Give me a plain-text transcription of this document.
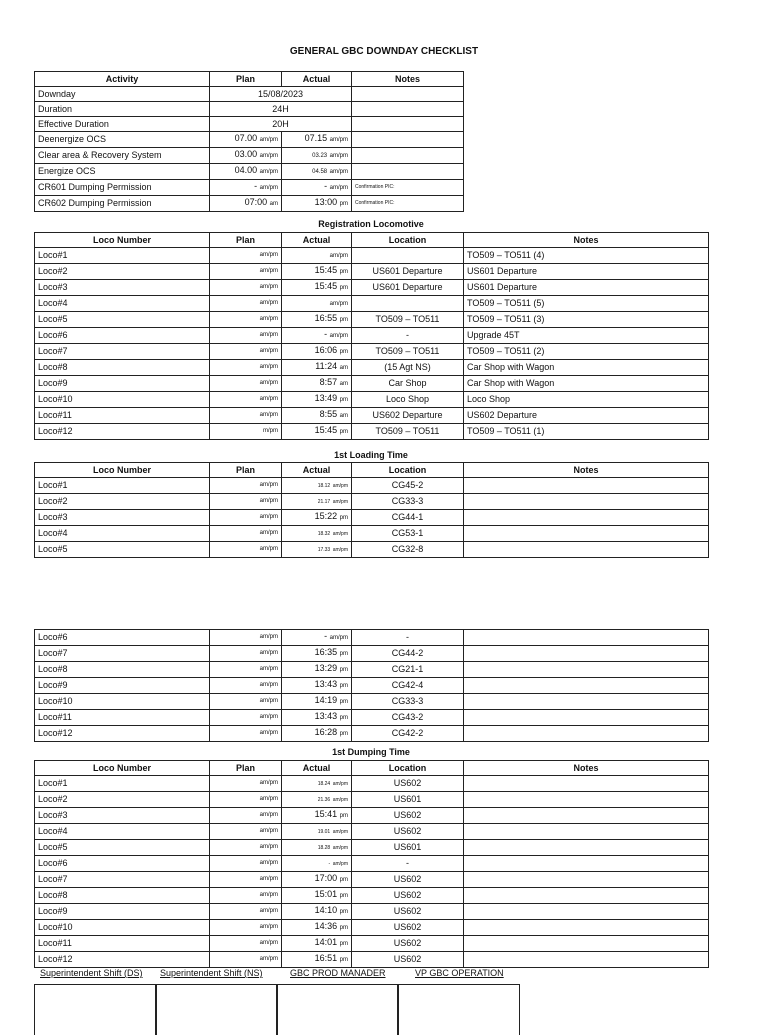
GENERAL GBC DOWNDAY CHECKLIST
Activity	Plan	Actual	Notes
Downday	15/08/2023		
Duration	24H		
Effective Duration	20H		
Deenergize OCS	07.00 am/pm	07.15 am/pm	
Clear area & Recovery System	03.00 am/pm	03.23 am/pm	
Energize OCS	04.00 am/pm	04.58 am/pm	
CR601 Dumping Permission	- am/pm	- am/pm	Confirmation PIC:
CR602 Dumping Permission	07:00 am	13:00 pm	Confirmation PIC:
Registration Locomotive
Loco Number	Plan	Actual	Location	Notes
Loco#1	am/pm	am/pm		TO509 – TO511 (4)
Loco#2	am/pm	15:45 pm	US601 Departure	US601 Departure
Loco#3	am/pm	15:45 pm	US601 Departure	US601 Departure
Loco#4	am/pm	am/pm		TO509 – TO511 (5)
Loco#5	am/pm	16:55 pm	TO509 – TO511	TO509 – TO511 (3)
Loco#6	am/pm	- am/pm	-	Upgrade 45T
Loco#7	am/pm	16:06 pm	TO509 – TO511	TO509 – TO511 (2)
Loco#8	am/pm	11:24 am	(15 Agt NS)	Car Shop with Wagon
Loco#9	am/pm	8:57 am	Car Shop	Car Shop with Wagon
Loco#10	am/pm	13:49 pm	Loco Shop	Loco Shop
Loco#11	am/pm	8:55 am	US602 Departure	US602 Departure
Loco#12	m/pm	15:45 pm	TO509 – TO511	TO509 – TO511 (1)
1st Loading Time
Loco Number	Plan	Actual	Location	Notes
Loco#1	am/pm	18.12 am/pm	CG45-2	
Loco#2	am/pm	21.17 am/pm	CG33-3	
Loco#3	am/pm	15:22 pm	CG44-1	
Loco#4	am/pm	18.32 am/pm	CG53-1	
Loco#5	am/pm	17.33 am/pm	CG32-8	
Loco#6	am/pm	- am/pm	-	
Loco#7	am/pm	16:35 pm	CG44-2	
Loco#8	am/pm	13:29 pm	CG21-1	
Loco#9	am/pm	13:43 pm	CG42-4	
Loco#10	am/pm	14:19 pm	CG33-3	
Loco#11	am/pm	13:43 pm	CG43-2	
Loco#12	am/pm	16:28 pm	CG42-2	
1st Dumping Time
Loco Number	Plan	Actual	Location	Notes
Loco#1	am/pm	18.24 am/pm	US602	
Loco#2	am/pm	21.36 am/pm	US601	
Loco#3	am/pm	15:41 pm	US602	
Loco#4	am/pm	19.01 am/pm	US602	
Loco#5	am/pm	18.28 am/pm	US601	
Loco#6	am/pm	- am/pm	-	
Loco#7	am/pm	17:00 pm	US602	
Loco#8	am/pm	15:01 pm	US602	
Loco#9	am/pm	14:10 pm	US602	
Loco#10	am/pm	14:36 pm	US602	
Loco#11	am/pm	14:01 pm	US602	
Loco#12	am/pm	16:51 pm	US602	
Superintendent Shift (DS) Superintendent Shift (NS)	GBC PROD MANADER	VP GBC OPERATION
